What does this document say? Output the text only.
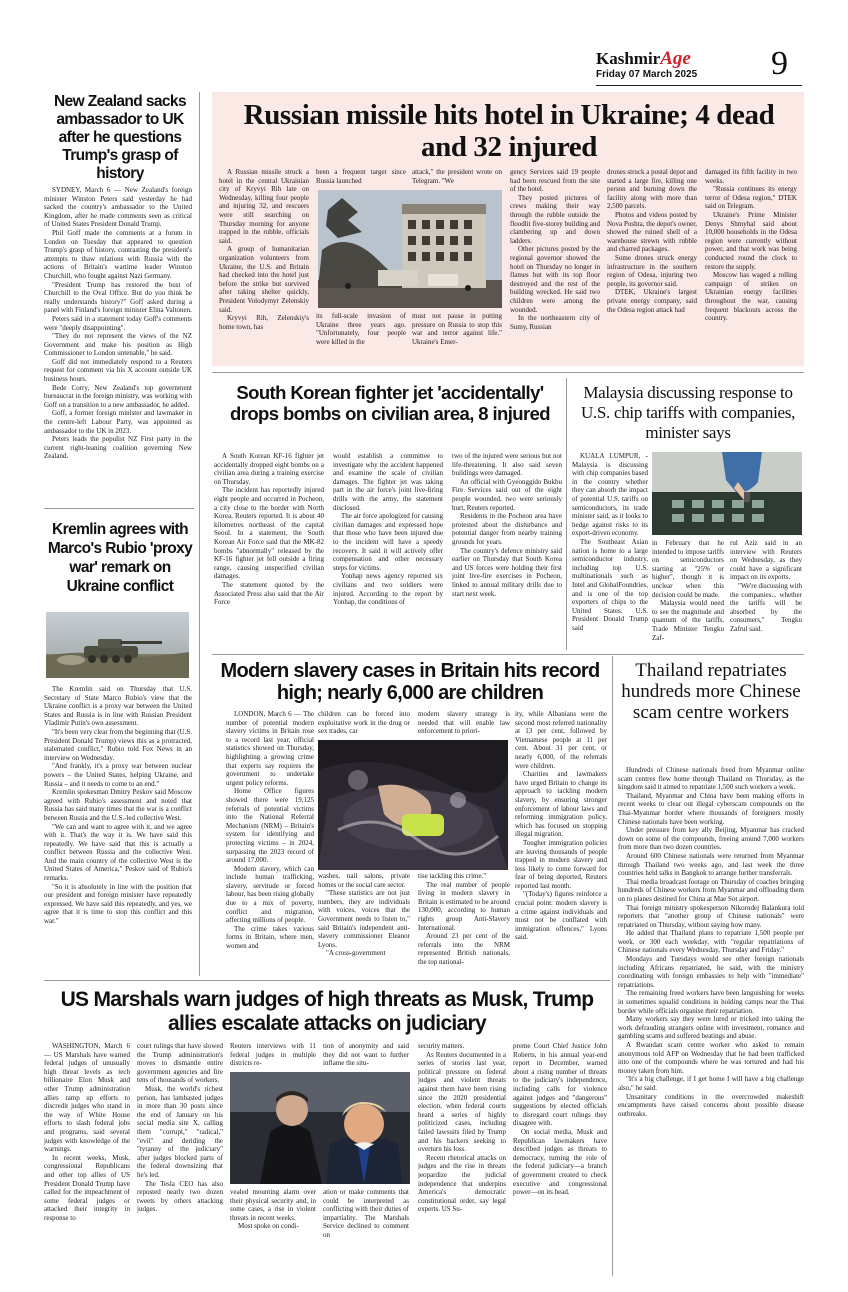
KashmirAge
Friday 07 March 2025 9
New Zealand sacks ambassador to UK after he questions Trump's grasp of history

SYDNEY, March 6 — New Zealand's foreign minister Winston Peters said yesterday he had sacked the country's ambassador to the United Kingdom, after he made comments seen as critical of United States President Donald Trump.

Phil Goff made the comments at a forum in London on Tuesday that appeared to question Trump's grasp of history, contrasting the president's attempts to thaw relations with Russia with the actions of Britain's wartime leader Winston Churchill, who fought against Nazi Germany.

"President Trump has restored the bust of Churchill to the Oval Office. But do you think he really understands history?" Goff asked during a panel with Finland's foreign minister Elina Valtonen.

Peters said in a statement today Goff's comments were "deeply disappointing".

"They do not represent the views of the NZ Government and make his position as High Commissioner to London untenable," he said.

Goff did not immediately respond to a Reuters request for comment via his X account outside UK business hours.

Bede Corry, New Zealand's top government bureaucrat in the foreign ministry, was working with Goff on a transition to a new ambassador, he added.

Goff, a former foreign minister and lawmaker in the centre-left Labour Party, was appointed as ambassador to the UK in 2023.

Peters leads the populist NZ First party in the current right-leaning coalition governing New Zealand.

Kremlin agrees with Marco's Rubio 'proxy war' remark on Ukraine conflict

The Kremlin said on Thursday that U.S. Secretary of State Marco Rubio's view that the Ukraine conflict is a proxy war between the United States and Russia is in line with Russian President Vladimir Putin's own assessment.

"It's been very clear from the beginning that (U.S. President Donald Trump) views this as a protracted, stalemated conflict," Rubio told Fox News in an interview on Wednesday.

"And frankly, it's a proxy war between nuclear powers – the United States, helping Ukraine, and Russia – and it needs to come to an end."

Kremlin spokesman Dmitry Peskov said Moscow agreed with Rubio's assessment and noted that Russia has said many times that the war is a conflict between Russia and the U.S.-led collective West.

"We can and want to agree with it, and we agree with it. That's the way it is. We have said this repeatedly. We have said that this is actually a conflict between Russia and the collective West. And the main country of the collective West is the United States of America," Peskov said of Rubio's remarks.

"So it is absolutely in line with the position that our president and foreign minister have repeatedly expressed. We have said this repeatedly, and yes, we agree that it is time to stop this conflict and this war."

Russian missile hits hotel in Ukraine; 4 dead and 32 injured

A Russian missile struck a hotel in the central Ukrainian city of Kryvyi Rih late on Wednesday, killing four people and injuring 32, and rescuers were still searching on Thursday morning for anyone trapped in the rubble, officials said.

A group of humanitarian organization volunteers from Ukraine, the U.S. and Britain had checked into the hotel just before the strike but survived after taking shelter quickly, President Volodymyr Zelenskiy said.

Kryvyi Rih, Zelenskiy's home town, has

been a frequent target since Russia launched

attack," the president wrote on Telegram. "We

its full-scale invasion of Ukraine three years ago. "Unfortunately, four people were killed in the

must not pause in putting pressure on Russia to stop this war and terror against life." Ukraine's Emer-

gency Services said 19 people had been rescued from the site of the hotel.

They posted pictures of crews making their way through the rubble outside the floodlit five-storey building and clambering up and down ladders.

Other pictures posted by the regional governor showed the hotel on Thursday no longer in flames but with its top floor destroyed and the rest of the building wrecked. He said two children were among the wounded.

In the northeastern city of Sumy, Russian

drones struck a postal depot and started a large fire, killing one person and burning down the facility along with more than 2,500 parcels.

Photos and videos posted by Nova Poshta, the depot's owner, showed the ruined shell of a warehouse strewn with rubble and charred packages.

Some drones struck energy infrastructure in the southern region of Odesa, injuring two people, its governor said.

DTEK, Ukraine's largest private energy company, said the Odesa region attack had

damaged its fifth facility in two weeks.

"Russia continues its energy terror of Odesa region," DTEK said on Telegram.

Ukraine's Prime Minister Denys Shmyhal said about 10,000 households in the Odesa region were currently without power, and that work was being conducted round the clock to restore the supply.

Moscow has waged a rolling campaign of strikes on Ukrainian energy facilities throughout the war, causing frequent blackouts across the country.

South Korean fighter jet 'accidentally' drops bombs on civilian area, 8 injured

A South Korean KF-16 fighter jet accidentally dropped eight bombs on a civilian area during a training exercise on Thursday.

The incident has reportedly injured eight people and occurred in Pocheon, a city close to the border with North Korea, Reuters reported. It is about 40 kilometres northeast of the capital Seoul. In a statement, the South Korean Air Force said that the MK-82 bombs "abnormally" released by the KF-16 fighter jet fell outside a firing range, causing unspecified civilian damages.

The statement quoted by the Associated Press also said that the Air Force

would establish a committee to investigate why the accident happened and examine the scale of civilian damages. The fighter jet was taking part in the air force's joint live-firing drills with the army, the statement disclosed.

The air force apologized for causing civilian damages and expressed hope that those who have been injured due to the incident will have a speedy recovery. It said it will actively offer compensation and other necessary steps for victims.

Yonhap news agency reported six civilians and two soldiers were injured. According to the report by Yonhap, the conditions of

two of the injured were serious but not life-threatening. It also said seven buildings were damaged.

An official with Gyeonggido Bukbu Fire Services said out of the eight people wounded, two were seriously hurt, Reuters reported.

Residents in the Pocheon area have protested about the disturbance and potential danger from nearby training grounds for years.

The country's defence ministry said earlier on Thursday that South Korea and US forces were holding their first joint live-fire exercises in Pocheon, linked to annual military drills due to start next week.

Malaysia discussing response to U.S. chip tariffs with companies, minister says

KUALA LUMPUR, - Malaysia is discussing with chip companies based in the country whether they can absorb the impact of potential U.S. tariffs on semiconductors, its trade minister said, as it looks to hedge against risks to its export-driven economy.

The Southeast Asian nation is home to a large semiconductor industry, including top U.S. multinationals such as Intel and GlobalFoundries, and is one of the top exporters of chips to the United States. U.S. President Donald Trump said

in February that he intended to impose tariffs on semiconductors starting at "25% or higher", though it is unclear when this decision could be made.

Malaysia would need to see the magnitude and quantum of the tariffs, Trade Minister Tengku Zaf-

rul Aziz said in an interview with Reuters on Wednesday, as they could have a significant impact on its exports.

"We're discussing with the companies... whether the tariffs will be absorbed by the consumers," Tengku Zafrul said.

Modern slavery cases in Britain hits record high; nearly 6,000 are children

LONDON, March 6 — The number of potential modern slavery victims in Britain rose to a record last year, official statistics showed on Thursday, highlighting a growing crime that experts say requires the government to undertake urgent policy reforms.

Home Office figures showed there were 19,125 referrals of potential victims into the National Referral Mechanism (NRM) – Britain's system for identifying and protecting victims – in 2024, surpassing the 2023 record of around 17,000.

Modern slavery, which can include human trafficking, slavery, servitude or forced labour, has been rising globally due to a mix of poverty, conflict and migration, affecting millions of people.

The crime takes various forms in Britain, where men, women and

children can be forced into exploitative work in the drug or sex trades, car

modern slavery strategy is needed that will enable law enforcement to priori-

washes, nail salons, private homes or the social care sector.

"These statistics are not just numbers, they are individuals with voices, voices that the Government needs to listen to," said Britain's independent anti-slavery commissioner Eleanor Lyons.

"A cross-government

tise tackling this crime."

The real number of people living in modern slavery in Britain is estimated to be around 130,000, according to human rights group Anti-Slavery International.

Around 23 per cent of the referrals into the NRM represented British nationals, the top national-

ity, while Albanians were the second most referred nationality at 13 per cent, followed by Vietnamese people at 11 per cent. About 31 per cent, or nearly 6,000, of the referrals were children.

Charities and lawmakers have urged Britain to change its approach to tackling modern slavery, by ensuring stronger enforcement of labour laws and reforming immigration policy, which has focused on stopping illegal migration.

Tougher immigration policies are leaving thousands of people trapped in modern slavery and less likely to come forward for fear of being deported, Reuters reported last month.

"(Today's) figures reinforce a crucial point: modern slavery is a crime against individuals and must not be conflated with immigration offences," Lyons said.

Thailand repatriates hundreds more Chinese scam centre workers

Hundreds of Chinese nationals freed from Myanmar online scam centres flew home through Thailand on Thursday, as the kingdom said it aimed to repatriate 1,500 such workers a week.

Thailand, Myanmar and China have been making efforts in recent weeks to clear out illegal cyberscam compounds on the Thai-Myanmar border where thousands of foreigners mostly Chinese nationals have been working.

Under pressure from key ally Beijing, Myanmar has cracked down on some of the compounds, freeing around 7,000 workers from more than two dozen countries.

Around 600 Chinese nationals were returned from Myanmar through Thailand two weeks ago, and last week the three countries held talks in Bangkok to arrange further transferrals.

Thai media broadcast footage on Thursday of coaches bringing hundreds of Chinese workers from Myanmar and offloading them on to planes destined for China at Mae Sot airport.

Thai foreign ministry spokesperson Nikorndej Balankura told reporters that "another group of Chinese nationals" were repatriated on Thursday, without saying how many.

He added that Thailand plans to repatriate 1,500 people per week, or 300 each weekday, with "regular repatriations of Chinese nationals every Wednesday, Thursday and Friday."

Mondays and Tuesdays would see other foreign nationals including Africans repatriated, he said, with the ministry coordinating with foreign embassies to help with "immediate" repatriations.

The remaining freed workers have been languishing for weeks in sometimes squalid conditions in holding camps near the Thai border while officials organise their repatriation.

Many workers say they were lured or tricked into taking the work defrauding strangers online with investment, romance and gambling scams and suffered beatings and abuse.

A Rwandan scam centre worker who asked to remain anonymous told AFP on Wednesday that he had been trafficked into one of the compounds where he was tortured and had his money taken from him.

"It's a big challenge, if I get home I will have a big challenge also," he said.

Unsanitary conditions in the overcrowded makeshift encampments have raised concerns about possible disease outbreaks.

US Marshals warn judges of high threats as Musk, Trump allies escalate attacks on judiciary

WASHINGTON, March 6 — US Marshals have warned federal judges of unusually high threat levels as tech billionaire Elon Musk and other Trump administration allies ramp up efforts to discredit judges who stand in the way of White House efforts to slash federal jobs and programs, said several judges with knowledge of the warnings.

In recent weeks, Musk, congressional Republicans and other top allies of US President Donald Trump have called for the impeachment of some federal judges or attacked their integrity in response to

court rulings that have slowed the Trump administration's moves to dismantle entire government agencies and fire tens of thousands of workers.

Musk, the world's richest person, has lambasted judges in more than 30 posts since the end of January on his social media site X, calling them "corrupt," "radical," "evil" and deriding the "tyranny of the judiciary" after judges blocked parts of the federal downsizing that he's led.

The Tesla CEO has also reposted nearly two dozen tweets by others attacking judges.

Reuters interviews with 11 federal judges in multiple districts re-

tion of anonymity and said they did not want to further inflame the situ-

vealed mounting alarm over their physical security and, in some cases, a rise in violent threats in recent weeks.

Most spoke on condi-

ation or make comments that could be interpreted as conflicting with their duties of impartiality. The Marshals Service declined to comment on

security matters.

As Reuters documented in a series of stories last year, political pressure on federal judges and violent threats against them have been rising since the 2020 presidential election, when federal courts heard a series of highly politicized cases, including failed lawsuits filed by Trump and his backers seeking to overturn his loss.

Recent rhetorical attacks on judges and the rise in threats jeopardize the judicial independence that underpins America's democratic constitutional order, say legal experts. US Su-

preme Court Chief Justice John Roberts, in his annual year-end report in December, warned about a rising number of threats to the judiciary's independence, including calls for violence against judges and "dangerous" suggestions by elected officials to disregard court rulings they disagree with.

On social media, Musk and Republican lawmakers have described judges as threats to democracy, turning the role of the federal judiciary—a branch of government created to check executive and congressional power—on its head.
